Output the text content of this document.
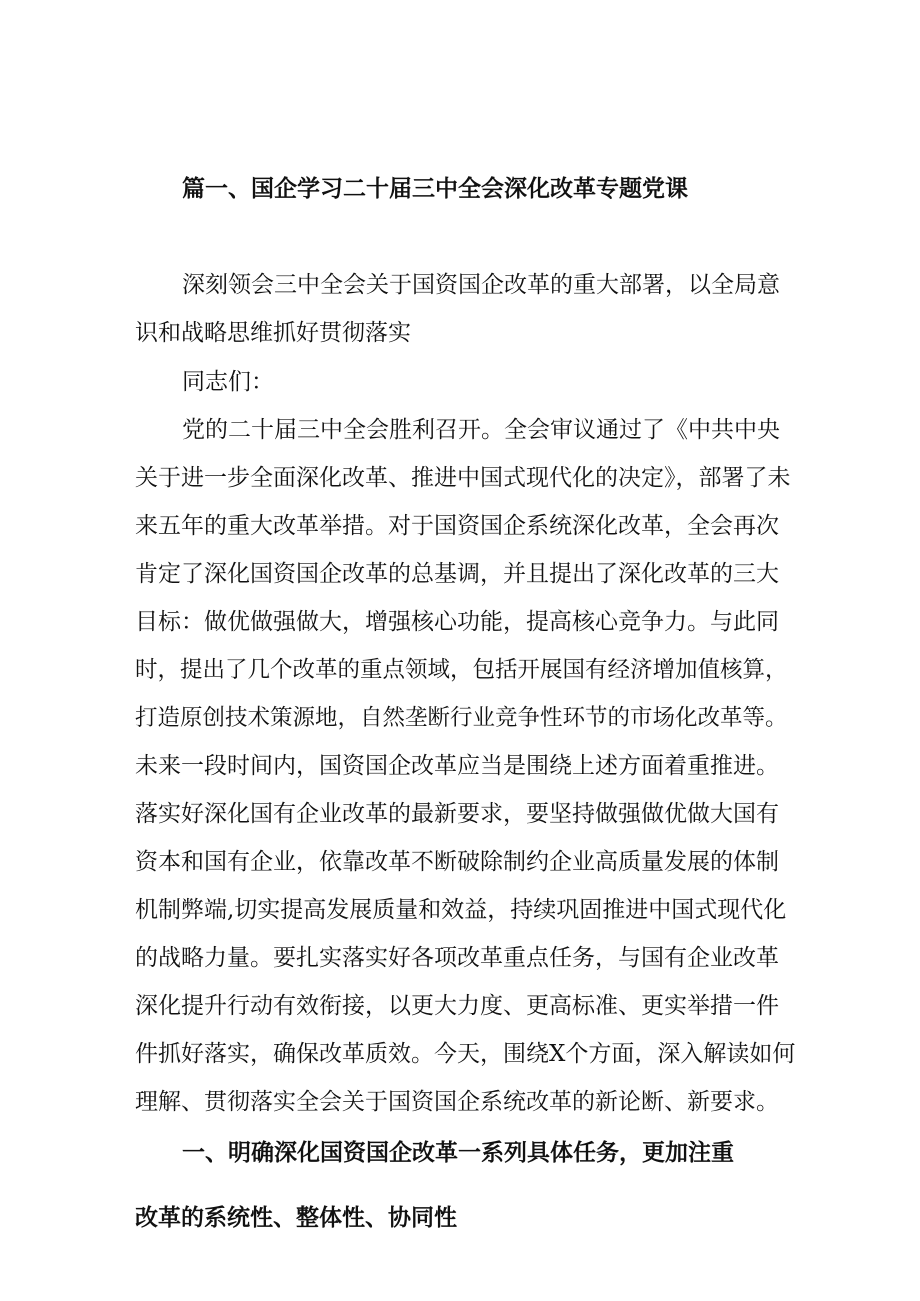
篇一、国企学习二十届三中全会深化改革专题党课
深刻领会三中全会关于国资国企改革的重大部署，以全局意
识和战略思维抓好贯彻落实
同志们：
党的二十届三中全会胜利召开。全会审议通过了《中共中央
关于进一步全面深化改革、推进中国式现代化的决定》，部署了未
来五年的重大改革举措。对于国资国企系统深化改革，全会再次
肯定了深化国资国企改革的总基调，并且提出了深化改革的三大
目标：做优做强做大，增强核心功能，提高核心竞争力。与此同
时，提出了几个改革的重点领域，包括开展国有经济增加值核算，
打造原创技术策源地，自然垄断行业竞争性环节的市场化改革等。
未来一段时间内，国资国企改革应当是围绕上述方面着重推进。
落实好深化国有企业改革的最新要求，要坚持做强做优做大国有
资本和国有企业，依靠改革不断破除制约企业高质量发展的体制
机制弊端,切实提高发展质量和效益，持续巩固推进中国式现代化
的战略力量。要扎实落实好各项改革重点任务，与国有企业改革
深化提升行动有效衔接，以更大力度、更高标准、更实举措一件
件抓好落实，确保改革质效。今天，围绕X个方面，深入解读如何
理解、贯彻落实全会关于国资国企系统改革的新论断、新要求。
一、明确深化国资国企改革一系列具体任务，更加注重
改革的系统性、整体性、协同性
